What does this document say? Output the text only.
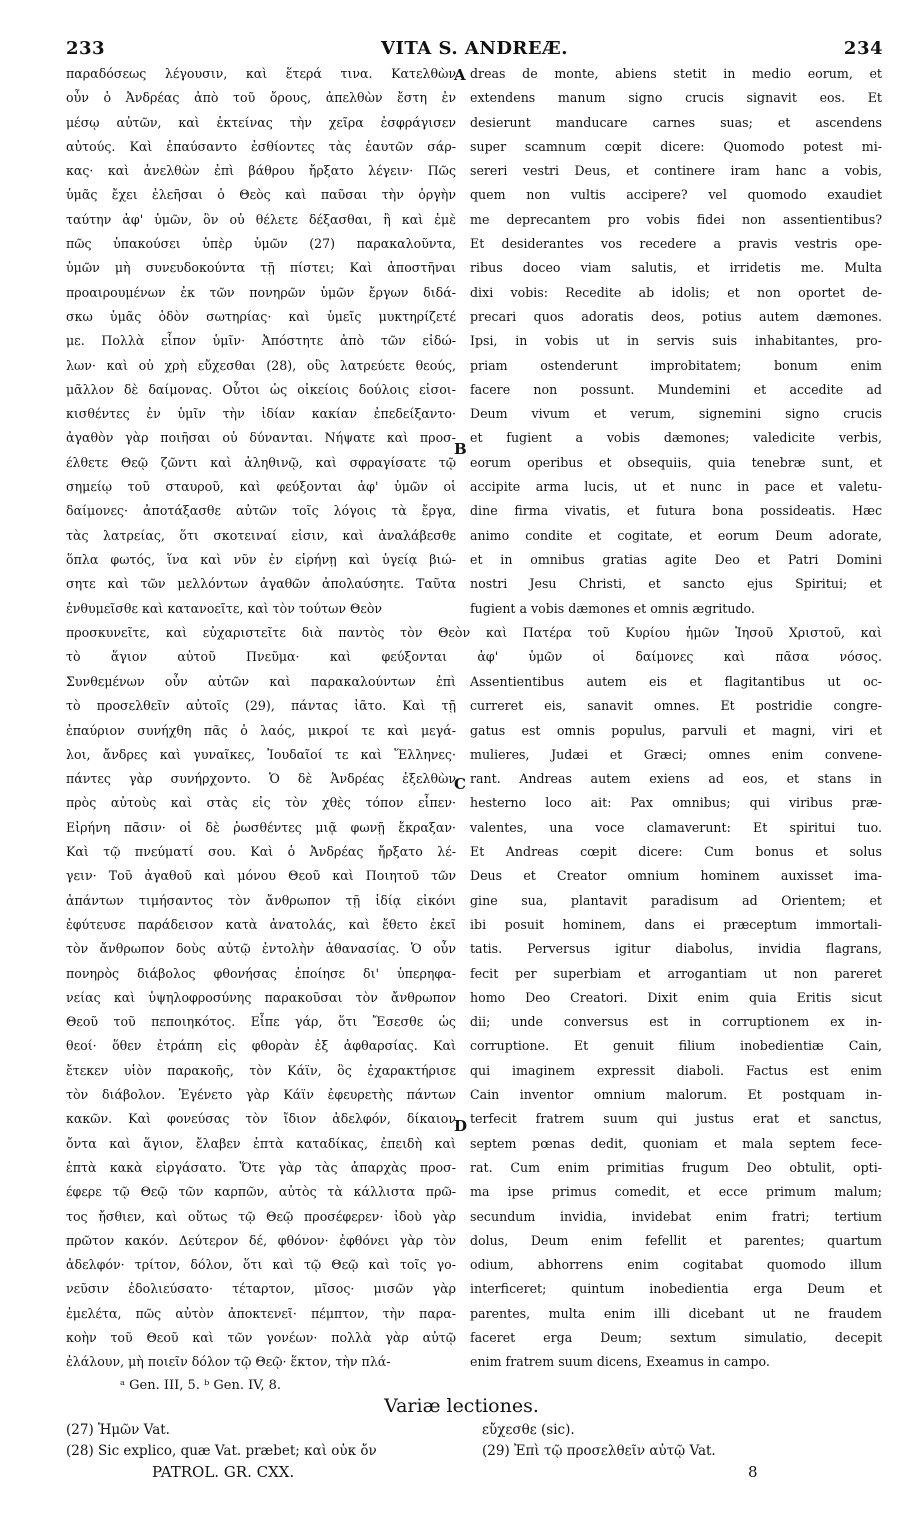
233	VITA S. ANDREÆ.	234
A
B
C
D
παραδόσεως λέγουσιν, καὶ ἕτερά τινα. Κατελθὼν
οὖν ὁ Ἀνδρέας ἀπὸ τοῦ ὄρους, ἀπελθὼν ἔστη ἐν
μέσῳ αὐτῶν, καὶ ἐκτείνας τὴν χεῖρα ἐσφράγισεν
αὐτούς. Καὶ ἐπαύσαντο ἐσθίοντες τὰς ἑαυτῶν σάρ-
κας· καὶ ἀνελθὼν ἐπὶ βάθρου ἤρξατο λέγειν· Πῶς
ὑμᾶς ἔχει ἐλεῆσαι ὁ Θεὸς καὶ παῦσαι τὴν ὀργὴν
ταύτην ἀφ' ὑμῶν, ὃν οὐ θέλετε δέξασθαι, ἢ καὶ ἐμὲ
πῶς ὑπακούσει ὑπὲρ ὑμῶν (27) παρακαλοῦντα,
ὑμῶν μὴ συνευδοκούντα τῇ πίστει; Καὶ ἀποστῆναι
προαιρουμένων ἐκ τῶν πονηρῶν ὑμῶν ἔργων διδά-
σκω ὑμᾶς ὁδὸν σωτηρίας· καὶ ὑμεῖς μυκτηρίζετέ
με. Πολλὰ εἶπον ὑμῖν· Ἀπόστητε ἀπὸ τῶν εἰδώ-
λων· καὶ οὐ χρὴ εὔχεσθαι (28), οὓς λατρεύετε θεούς,
μᾶλλον δὲ δαίμονας. Οὗτοι ὡς οἰκείοις δούλοις εἰσοι-
κισθέντες ἐν ὑμῖν τὴν ἰδίαν κακίαν ἐπεδείξαντο·
ἀγαθὸν γὰρ ποιῆσαι οὐ δύνανται. Νήψατε καὶ προσ-
έλθετε Θεῷ ζῶντι καὶ ἀληθινῷ, καὶ σφραγίσατε τῷ
σημείῳ τοῦ σταυροῦ, καὶ φεύξονται ἀφ' ὑμῶν οἱ
δαίμονες· ἀποτάξασθε αὐτῶν τοῖς λόγοις τὰ ἔργα,
τὰς λατρείας, ὅτι σκοτειναί εἰσιν, καὶ ἀναλάβεσθε
ὅπλα φωτός, ἵνα καὶ νῦν ἐν εἰρήνῃ καὶ ὑγείᾳ βιώ-
σητε καὶ τῶν μελλόντων ἀγαθῶν ἀπολαύσητε. Ταῦτα
ἐνθυμεῖσθε καὶ κατανοεῖτε, καὶ τὸν τούτων Θεὸν
dreas de monte, abiens stetit in medio eorum, et
extendens manum signo crucis signavit eos. Et
desierunt manducare carnes suas; et ascendens
super scamnum cœpit dicere: Quomodo potest mi-
sereri vestri Deus, et continere iram hanc a vobis,
quem non vultis accipere? vel quomodo exaudiet
me deprecantem pro vobis fidei non assentientibus?
Et desiderantes vos recedere a pravis vestris ope-
ribus doceo viam salutis, et irridetis me. Multa
dixi vobis: Recedite ab idolis; et non oportet de-
precari quos adoratis deos, potius autem dæmones.
Ipsi, in vobis ut in servis suis inhabitantes, pro-
priam ostenderunt improbitatem; bonum enim
facere non possunt. Mundemini et accedite ad
Deum vivum et verum, signemini signo crucis
et fugient a vobis dæmones; valedicite verbis,
eorum operibus et obsequiis, quia tenebræ sunt, et
accipite arma lucis, ut et nunc in pace et valetu-
dine firma vivatis, et futura bona possideatis. Hæc
animo condite et cogitate, et eorum Deum adorate,
et in omnibus gratias agite Deo et Patri Domini
nostri Jesu Christi, et sancto ejus Spiritui; et
fugient a vobis dæmones et omnis ægritudo.
προσκυνεῖτε, καὶ εὐχαριστεῖτε διὰ παντὸς τὸν Θεὸν καὶ Πατέρα τοῦ Κυρίου ἡμῶν Ἰησοῦ Χριστοῦ, καὶ
τὸ ἅγιον αὐτοῦ Πνεῦμα· καὶ φεύξονται ἀφ' ὑμῶν οἱ δαίμονες καὶ πᾶσα νόσος.
Συνθεμένων οὖν αὐτῶν καὶ παρακαλούντων ἐπὶ
τὸ προσελθεῖν αὐτοῖς (29), πάντας ἰᾶτο. Καὶ τῇ
ἐπαύριον συνήχθη πᾶς ὁ λαός, μικροί τε καὶ μεγά-
λοι, ἄνδρες καὶ γυναῖκες, Ἰουδαῖοί τε καὶ Ἕλληνες·
πάντες γὰρ συνήρχοντο. Ὁ δὲ Ἀνδρέας ἐξελθὼν
πρὸς αὐτοὺς καὶ στὰς εἰς τὸν χθὲς τόπον εἶπεν·
Εἰρήνη πᾶσιν· οἱ δὲ ῥωσθέντες μιᾷ φωνῇ ἔκραξαν·
Καὶ τῷ πνεύματί σου. Καὶ ὁ Ἀνδρέας ἤρξατο λέ-
γειν· Τοῦ ἀγαθοῦ καὶ μόνου Θεοῦ καὶ Ποιητοῦ τῶν
ἁπάντων τιμήσαντος τὸν ἄνθρωπον τῇ ἰδίᾳ εἰκόνι
ἐφύτευσε παράδεισον κατὰ ἀνατολάς, καὶ ἔθετο ἐκεῖ
τὸν ἄνθρωπον δοὺς αὐτῷ ἐντολὴν ἀθανασίας. Ὁ οὖν
πονηρὸς διάβολος φθονήσας ἐποίησε δι' ὑπερηφα-
νείας καὶ ὑψηλοφροσύνης παρακοῦσαι τὸν ἄνθρωπον
Θεοῦ τοῦ πεποιηκότος. Εἶπε γάρ, ὅτι Ἔσεσθε ὡς
θεοί· ὅθεν ἐτράπη εἰς φθορὰν ἐξ ἀφθαρσίας. Καὶ
ἔτεκεν υἱὸν παρακοῆς, τὸν Κάϊν, ὃς ἐχαρακτήρισε
τὸν διάβολον. Ἐγένετο γὰρ Κάϊν ἐφευρετὴς πάντων
κακῶν. Καὶ φονεύσας τὸν ἴδιον ἀδελφόν, δίκαιον
ὄντα καὶ ἅγιον, ἔλαβεν ἑπτὰ καταδίκας, ἐπειδὴ καὶ
ἑπτὰ κακὰ εἰργάσατο. Ὅτε γὰρ τὰς ἀπαρχὰς προσ-
έφερε τῷ Θεῷ τῶν καρπῶν, αὐτὸς τὰ κάλλιστα πρῶ-
τος ἤσθιεν, καὶ οὕτως τῷ Θεῷ προσέφερεν· ἰδοὺ γὰρ
πρῶτον κακόν. Δεύτερον δέ, φθόνον· ἐφθόνει γὰρ τὸν
ἀδελφόν· τρίτον, δόλον, ὅτι καὶ τῷ Θεῷ καὶ τοῖς γο-
νεῦσιν ἐδολιεύσατο· τέταρτον, μῖσος· μισῶν γὰρ
ἐμελέτα, πῶς αὐτὸν ἀποκτενεῖ· πέμπτον, τὴν παρα-
κοὴν τοῦ Θεοῦ καὶ τῶν γονέων· πολλὰ γὰρ αὐτῷ
ἐλάλουν, μὴ ποιεῖν δόλον τῷ Θεῷ· ἕκτον, τὴν πλά-
Assentientibus autem eis et flagitantibus ut oc-
curreret eis, sanavit omnes. Et postridie congre-
gatus est omnis populus, parvuli et magni, viri et
mulieres, Judæi et Græci; omnes enim convene-
rant. Andreas autem exiens ad eos, et stans in
hesterno loco ait: Pax omnibus; qui viribus præ-
valentes, una voce clamaverunt: Et spiritui tuo.
Et Andreas cœpit dicere: Cum bonus et solus
Deus et Creator omnium hominem auxisset ima-
gine sua, plantavit paradisum ad Orientem; et
ibi posuit hominem, dans ei præceptum immortali-
tatis. Perversus igitur diabolus, invidia flagrans,
fecit per superbiam et arrogantiam ut non pareret
homo Deo Creatori. Dixit enim quia Eritis sicut
dii; unde conversus est in corruptionem ex in-
corruptione. Et genuit filium inobedientiæ Cain,
qui imaginem expressit diaboli. Factus est enim
Cain inventor omnium malorum. Et postquam in-
terfecit fratrem suum qui justus erat et sanctus,
septem pœnas dedit, quoniam et mala septem fece-
rat. Cum enim primitias frugum Deo obtulit, opti-
ma ipse primus comedit, et ecce primum malum;
secundum invidia, invidebat enim fratri; tertium
dolus, Deum enim fefellit et parentes; quartum
odium, abhorrens enim cogitabat quomodo illum
interficeret; quintum inobedientia erga Deum et
parentes, multa enim illi dicebant ut ne fraudem
faceret erga Deum; sextum simulatio, decepit
enim fratrem suum dicens, Exeamus in campo.
ᵃ Gen. III, 5. ᵇ Gen. IV, 8.
Variæ lectiones.
(27) Ἡμῶν Vat.
(28) Sic explico, quæ Vat. præbet; καὶ οὐκ ὄν
PATROL. GR. CXX.
εὔχεσθε (sic).
(29) Ἐπὶ τῷ προσελθεῖν αὐτῷ Vat.
8
